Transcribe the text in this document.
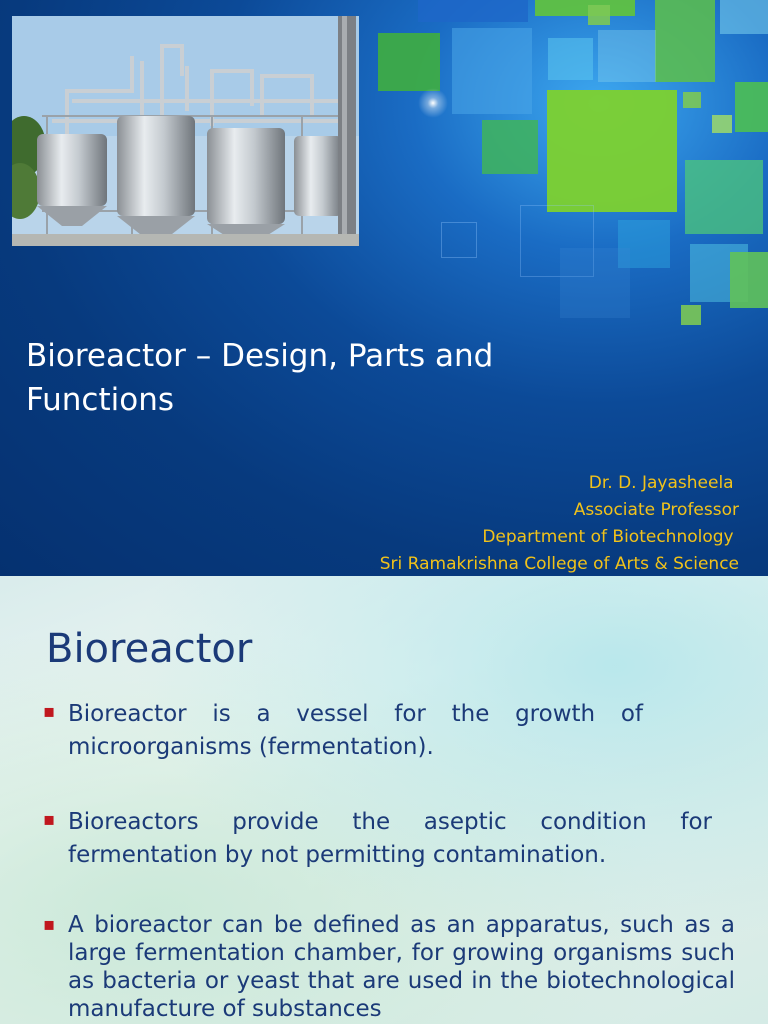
Bioreactor – Design, Parts and
Functions
Dr. D. Jayasheela
Associate Professor
Department of Biotechnology
Sri Ramakrishna College of Arts & Science
Bioreactor
▪ Bioreactor is a vessel for the growth of microorganisms (fermentation).
▪ Bioreactors provide the aseptic condition for fermentation by not permitting contamination.
▪ A bioreactor can be defined as an apparatus, such as a large fermentation chamber, for growing organisms such as bacteria or yeast that are used in the biotechnological manufacture of substances
